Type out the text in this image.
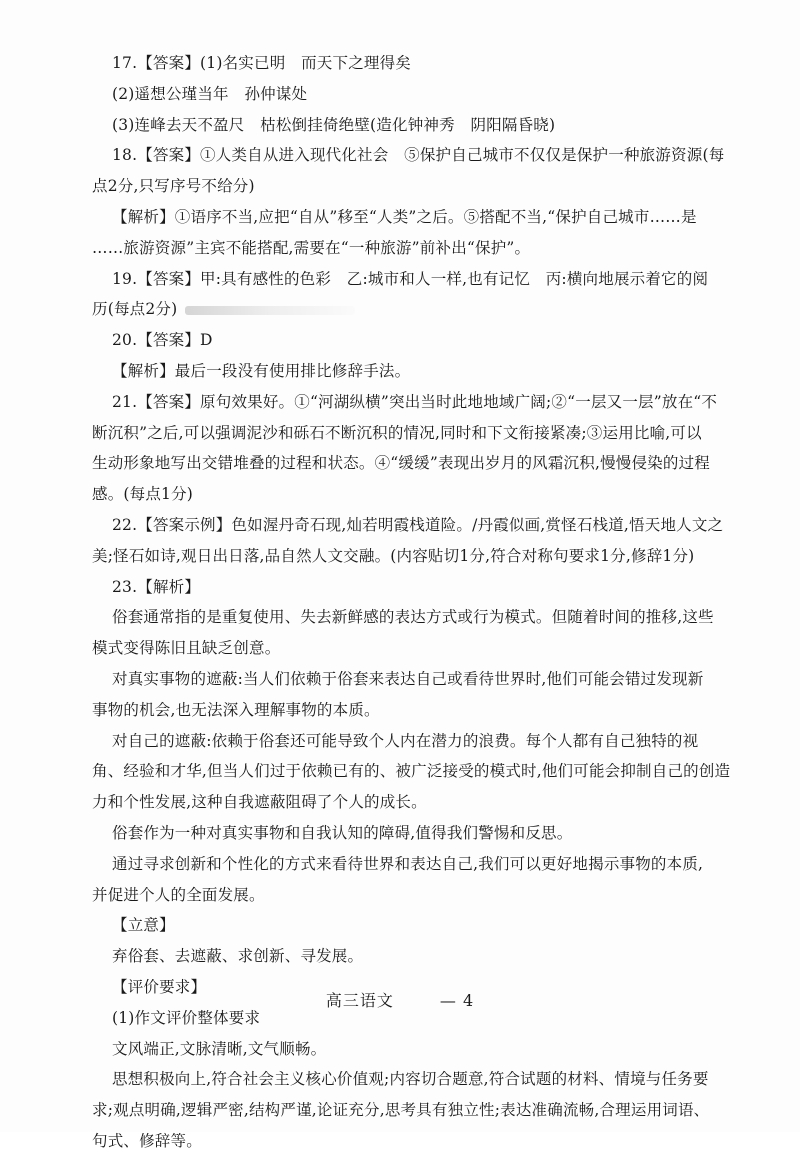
17.【答案】(1)名实已明　而天下之理得矣
(2)遥想公瑾当年　孙仲谋处
(3)连峰去天不盈尺　枯松倒挂倚绝壁(造化钟神秀　阴阳隔昏晓)
18.【答案】①人类自从进入现代化社会　⑤保护自己城市不仅仅是保护一种旅游资源(每
点2分,只写序号不给分)
【解析】①语序不当,应把“自从”移至“人类”之后。⑤搭配不当,“保护自己城市……是
……旅游资源”主宾不能搭配,需要在“一种旅游”前补出“保护”。
19.【答案】甲:具有感性的色彩　乙:城市和人一样,也有记忆　丙:横向地展示着它的阅
历(每点2分)
20.【答案】D
【解析】最后一段没有使用排比修辞手法。
21.【答案】原句效果好。①“河湖纵横”突出当时此地地域广阔;②“一层又一层”放在“不
断沉积”之后,可以强调泥沙和砾石不断沉积的情况,同时和下文衔接紧凑;③运用比喻,可以
生动形象地写出交错堆叠的过程和状态。④“缓缓”表现出岁月的风霜沉积,慢慢侵染的过程
感。(每点1分)
22.【答案示例】色如渥丹奇石现,灿若明霞栈道险。/丹霞似画,赏怪石栈道,悟天地人文之
美;怪石如诗,观日出日落,品自然人文交融。(内容贴切1分,符合对称句要求1分,修辞1分)
23.【解析】
俗套通常指的是重复使用、失去新鲜感的表达方式或行为模式。但随着时间的推移,这些
模式变得陈旧且缺乏创意。
对真实事物的遮蔽:当人们依赖于俗套来表达自己或看待世界时,他们可能会错过发现新
事物的机会,也无法深入理解事物的本质。
对自己的遮蔽:依赖于俗套还可能导致个人内在潜力的浪费。每个人都有自己独特的视
角、经验和才华,但当人们过于依赖已有的、被广泛接受的模式时,他们可能会抑制自己的创造
力和个性发展,这种自我遮蔽阻碍了个人的成长。
俗套作为一种对真实事物和自我认知的障碍,值得我们警惕和反思。
通过寻求创新和个性化的方式来看待世界和表达自己,我们可以更好地揭示事物的本质,
并促进个人的全面发展。
【立意】
弃俗套、去遮蔽、求创新、寻发展。
【评价要求】
(1)作文评价整体要求
文风端正,文脉清晰,文气顺畅。
思想积极向上,符合社会主义核心价值观;内容切合题意,符合试题的材料、情境与任务要
求;观点明确,逻辑严密,结构严谨,论证充分,思考具有独立性;表达准确流畅,合理运用词语、
句式、修辞等。
高三语文	— 4
